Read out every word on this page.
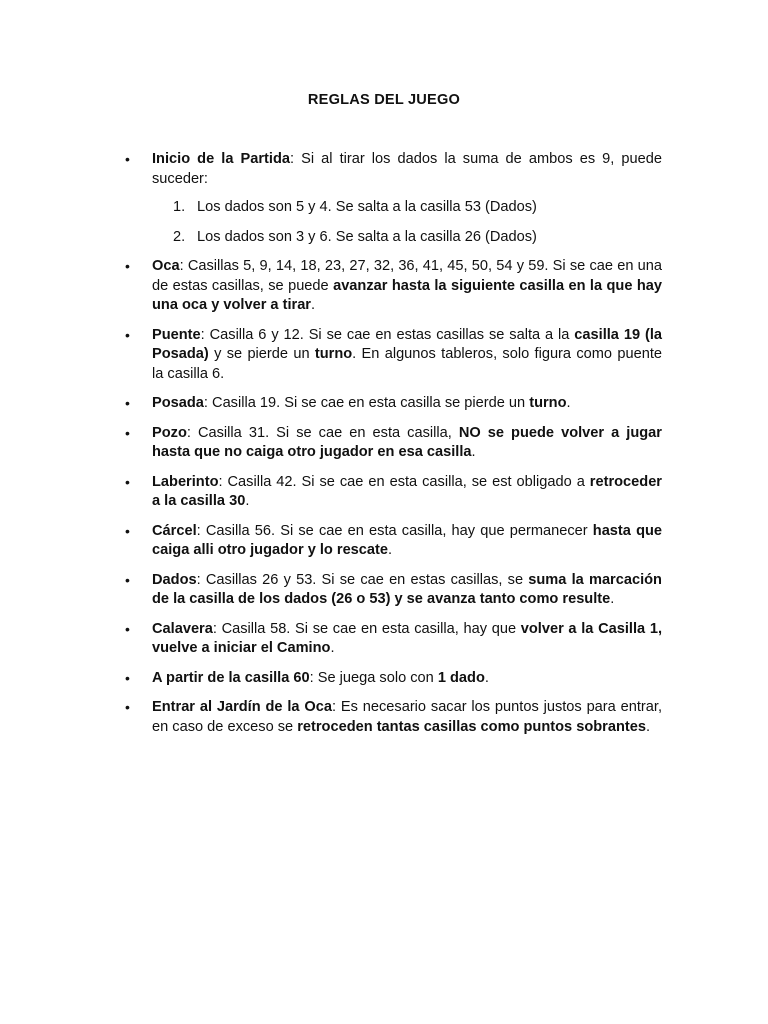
REGLAS DEL JUEGO
• Inicio de la Partida: Si al tirar los dados la suma de ambos es 9, puede suceder:

1. Los dados son 5 y 4. Se salta a la casilla 53 (Dados)
2. Los dados son 3 y 6. Se salta a la casilla 26 (Dados)
• Oca: Casillas 5, 9, 14, 18, 23, 27, 32, 36, 41, 45, 50, 54 y 59. Si se cae en una de estas casillas, se puede avanzar hasta la siguiente casilla en la que hay una oca y volver a tirar.

• Puente: Casilla 6 y 12. Si se cae en estas casillas se salta a la casilla 19 (la Posada) y se pierde un turno. En algunos tableros, solo figura como puente la casilla 6.

• Posada: Casilla 19. Si se cae en esta casilla se pierde un turno.

• Pozo: Casilla 31. Si se cae en esta casilla, NO se puede volver a jugar hasta que no caiga otro jugador en esa casilla.

• Laberinto: Casilla 42. Si se cae en esta casilla, se est obligado a retroceder a la casilla 30.

• Cárcel: Casilla 56. Si se cae en esta casilla, hay que permanecer hasta que caiga alli otro jugador y lo rescate.

• Dados: Casillas 26 y 53. Si se cae en estas casillas, se suma la marcación de la casilla de los dados (26 o 53) y se avanza tanto como resulte.

• Calavera: Casilla 58. Si se cae en esta casilla, hay que volver a la Casilla 1, vuelve a iniciar el Camino.

• A partir de la casilla 60: Se juega solo con 1 dado.

• Entrar al Jardín de la Oca: Es necesario sacar los puntos justos para entrar, en caso de exceso se retroceden tantas casillas como puntos sobrantes.
